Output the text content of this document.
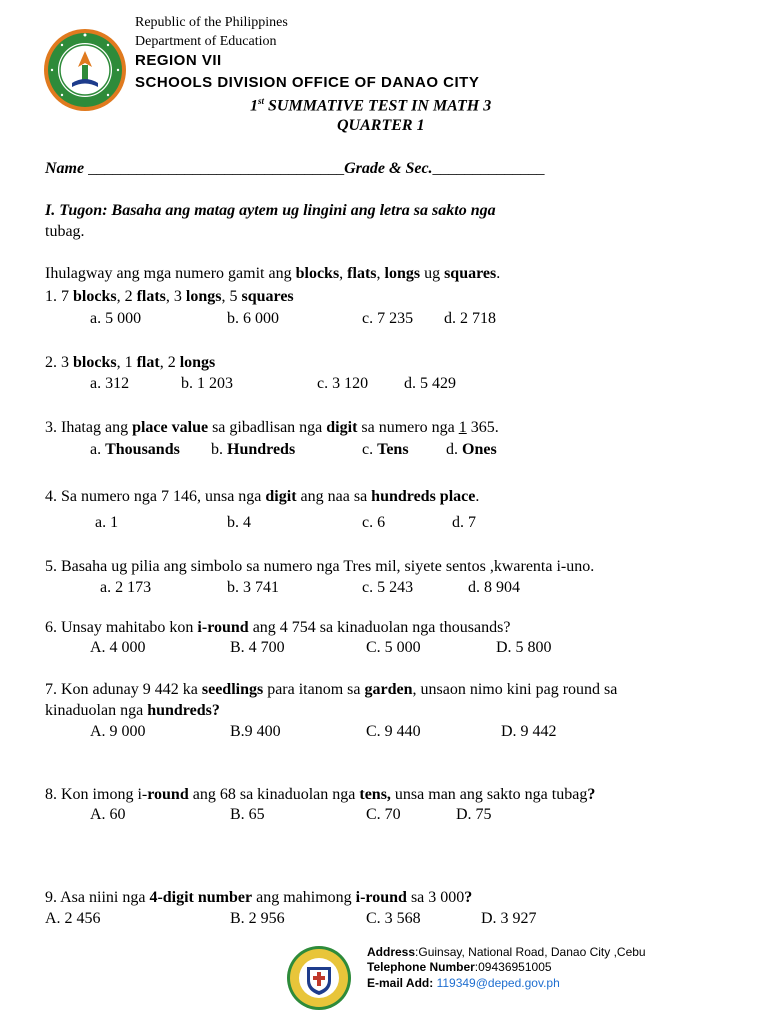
Republic of the Philippines
Department of Education
REGION VII
SCHOOLS DIVISION OFFICE OF DANAO CITY
1st SUMMATIVE TEST IN MATH 3
QUARTER 1
Name ________________________________Grade & Sec.______________
I. Tugon: Basaha ang matag aytem ug lingini ang letra sa sakto nga
tubag.
Ihulagway ang mga numero gamit ang blocks, flats, longs ug squares.
1. 7 blocks, 2 flats, 3 longs, 5 squares
a. 5 000	b. 6 000	c. 7 235 d. 2 718
2. 3 blocks, 1 flat, 2 longs
a. 312	b. 1 203	c. 3 120 d. 5 429
3. Ihatag ang place value sa gibadlisan nga digit sa numero nga 1 365.
a. Thousands b. Hundreds	c. Tens d. Ones
4. Sa numero nga 7 146, unsa nga digit ang naa sa hundreds place.
a. 1	b. 4	c. 6	d. 7
5. Basaha ug pilia ang simbolo sa numero nga Tres mil, siyete sentos ,kwarenta i-uno.
a. 2 173	b. 3 741	c. 5 243	d. 8 904
6. Unsay mahitabo kon i-round ang 4 754 sa kinaduolan nga thousands?
A. 4 000	B. 4 700	C. 5 000	D. 5 800
7. Kon adunay 9 442 ka seedlings para itanom sa garden, unsaon nimo kini pag round sa
kinaduolan nga hundreds?
A. 9 000	B.9 400	C. 9 440	D. 9 442
8. Kon imong i-round ang 68 sa kinaduolan nga tens, unsa man ang sakto nga tubag?
A. 60	B. 65	C. 70	D. 75
9. Asa niini nga 4-digit number ang mahimong i-round sa 3 000?
A. 2 456	B. 2 956	C. 3 568	D. 3 927
Address:Guinsay, National Road, Danao City ,Cebu
Telephone Number:09436951005
E-mail Add: 119349@deped.gov.ph
